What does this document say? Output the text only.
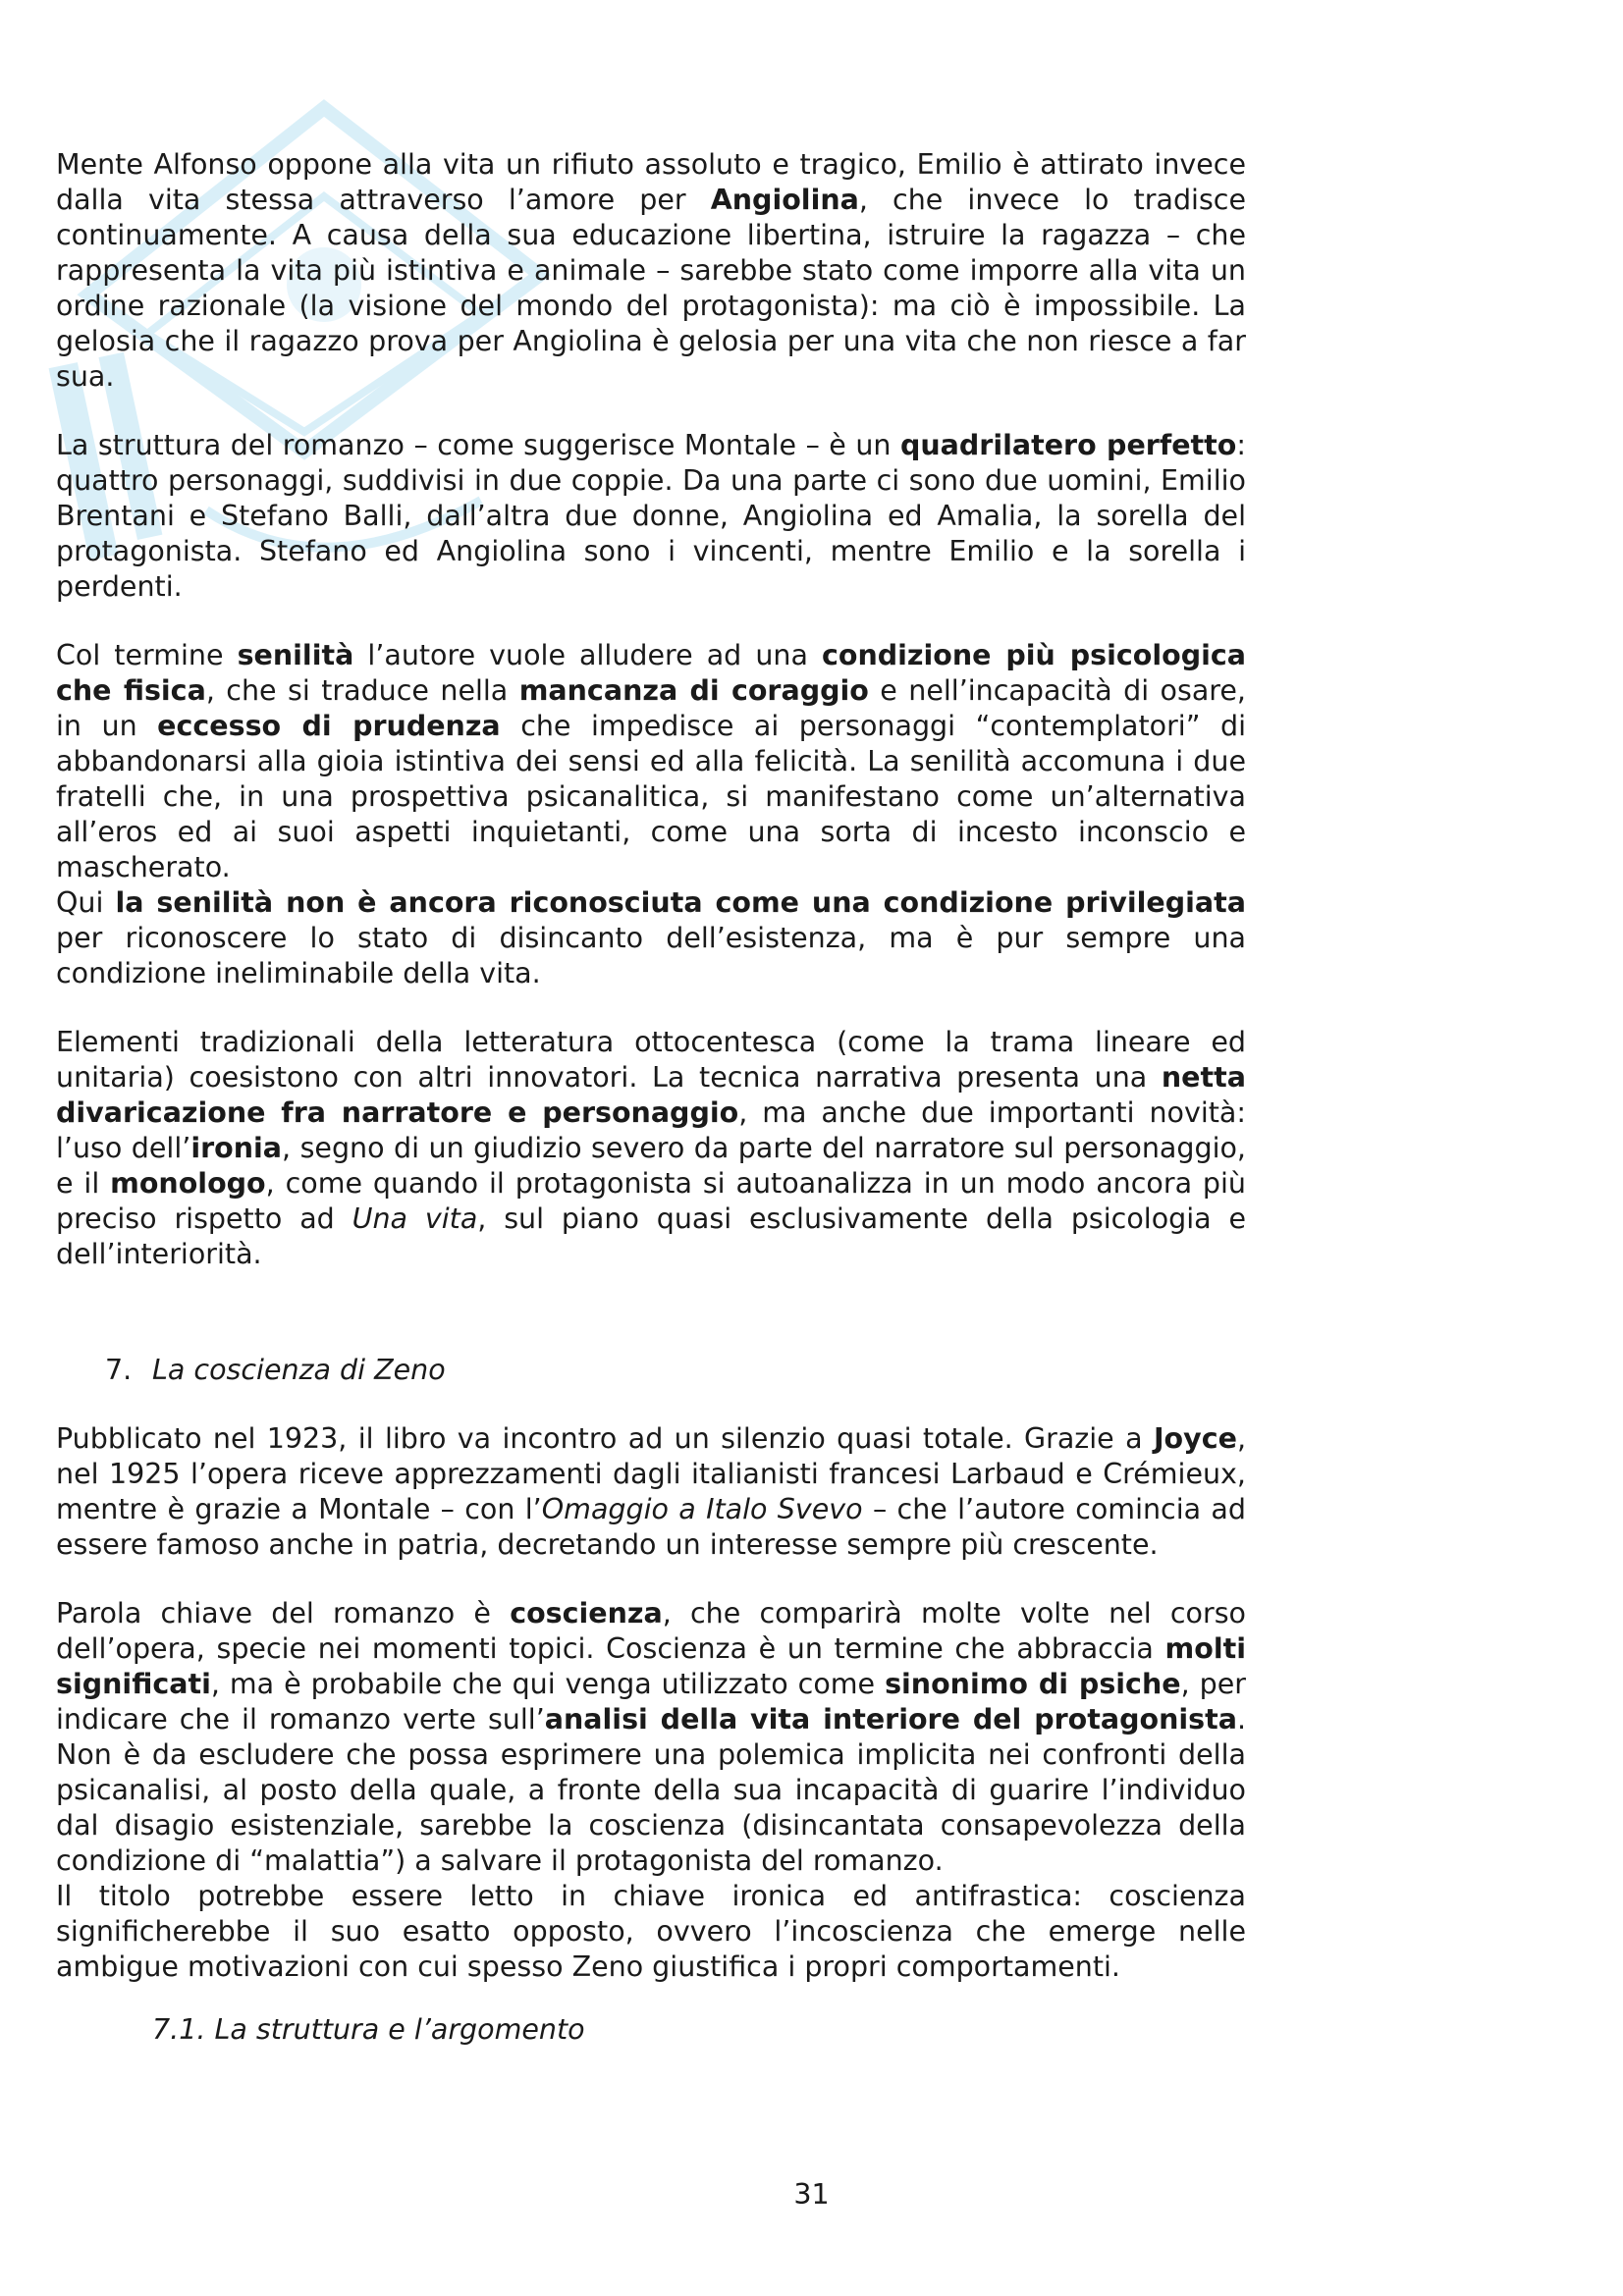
Mente Alfonso oppone alla vita un rifiuto assoluto e tragico, Emilio è attirato invece dalla vita stessa attraverso l’amore per Angiolina, che invece lo tradisce continuamente. A causa della sua educazione libertina, istruire la ragazza – che rappresenta la vita più istintiva e animale – sarebbe stato come imporre alla vita un ordine razionale (la visione del mondo del protagonista): ma ciò è impossibile. La gelosia che il ragazzo prova per Angiolina è gelosia per una vita che non riesce a far sua.

La struttura del romanzo – come suggerisce Montale – è un quadrilatero perfetto: quattro personaggi, suddivisi in due coppie. Da una parte ci sono due uomini, Emilio Brentani e Stefano Balli, dall’altra due donne, Angiolina ed Amalia, la sorella del protagonista. Stefano ed Angiolina sono i vincenti, mentre Emilio e la sorella i perdenti.

Col termine senilità l’autore vuole alludere ad una condizione più psicologica che fisica, che si traduce nella mancanza di coraggio e nell’incapacità di osare, in un eccesso di prudenza che impedisce ai personaggi “contemplatori” di abbandonarsi alla gioia istintiva dei sensi ed alla felicità. La senilità accomuna i due fratelli che, in una prospettiva psicanalitica, si manifestano come un’alternativa all’eros ed ai suoi aspetti inquietanti, come una sorta di incesto inconscio e mascherato.

Qui la senilità non è ancora riconosciuta come una condizione privilegiata per riconoscere lo stato di disincanto dell’esistenza, ma è pur sempre una condizione ineliminabile della vita.

Elementi tradizionali della letteratura ottocentesca (come la trama lineare ed unitaria) coesistono con altri innovatori. La tecnica narrativa presenta una netta divaricazione fra narratore e personaggio, ma anche due importanti novità: l’uso dell’ironia, segno di un giudizio severo da parte del narratore sul personaggio, e il monologo, come quando il protagonista si autoanalizza in un modo ancora più preciso rispetto ad Una vita, sul piano quasi esclusivamente della psicologia e dell’interiorità.

7. La coscienza di Zeno

Pubblicato nel 1923, il libro va incontro ad un silenzio quasi totale. Grazie a Joyce, nel 1925 l’opera riceve apprezzamenti dagli italianisti francesi Larbaud e Crémieux, mentre è grazie a Montale – con l’Omaggio a Italo Svevo – che l’autore comincia ad essere famoso anche in patria, decretando un interesse sempre più crescente.

Parola chiave del romanzo è coscienza, che comparirà molte volte nel corso dell’opera, specie nei momenti topici. Coscienza è un termine che abbraccia molti significati, ma è probabile che qui venga utilizzato come sinonimo di psiche, per indicare che il romanzo verte sull’analisi della vita interiore del protagonista. Non è da escludere che possa esprimere una polemica implicita nei confronti della psicanalisi, al posto della quale, a fronte della sua incapacità di guarire l’individuo dal disagio esistenziale, sarebbe la coscienza (disincantata consapevolezza della condizione di “malattia”) a salvare il protagonista del romanzo.

Il titolo potrebbe essere letto in chiave ironica ed antifrastica: coscienza significherebbe il suo esatto opposto, ovvero l’incoscienza che emerge nelle ambigue motivazioni con cui spesso Zeno giustifica i propri comportamenti.

7.1. La struttura e l’argomento
31
